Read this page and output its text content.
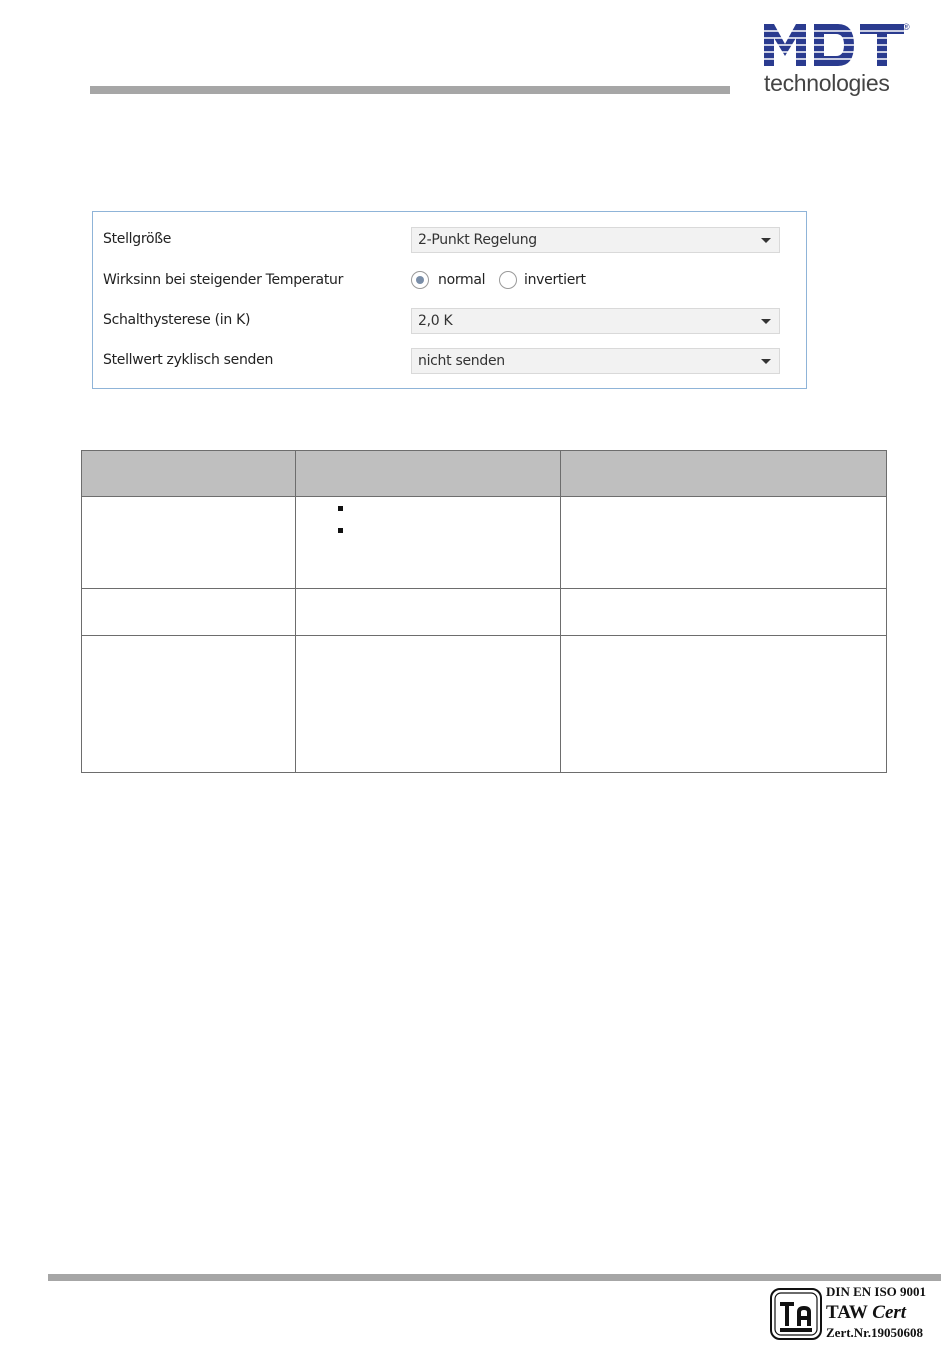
®
technologies
Stellgröße	2-Punkt Regelung
Wirksinn bei steigender Temperatur	normal	invertiert
Schalthysterese (in K)	2,0 K
Stellwert zyklisch senden	nicht senden

DIN EN ISO 9001
TAW Cert
Zert.Nr.19050608
